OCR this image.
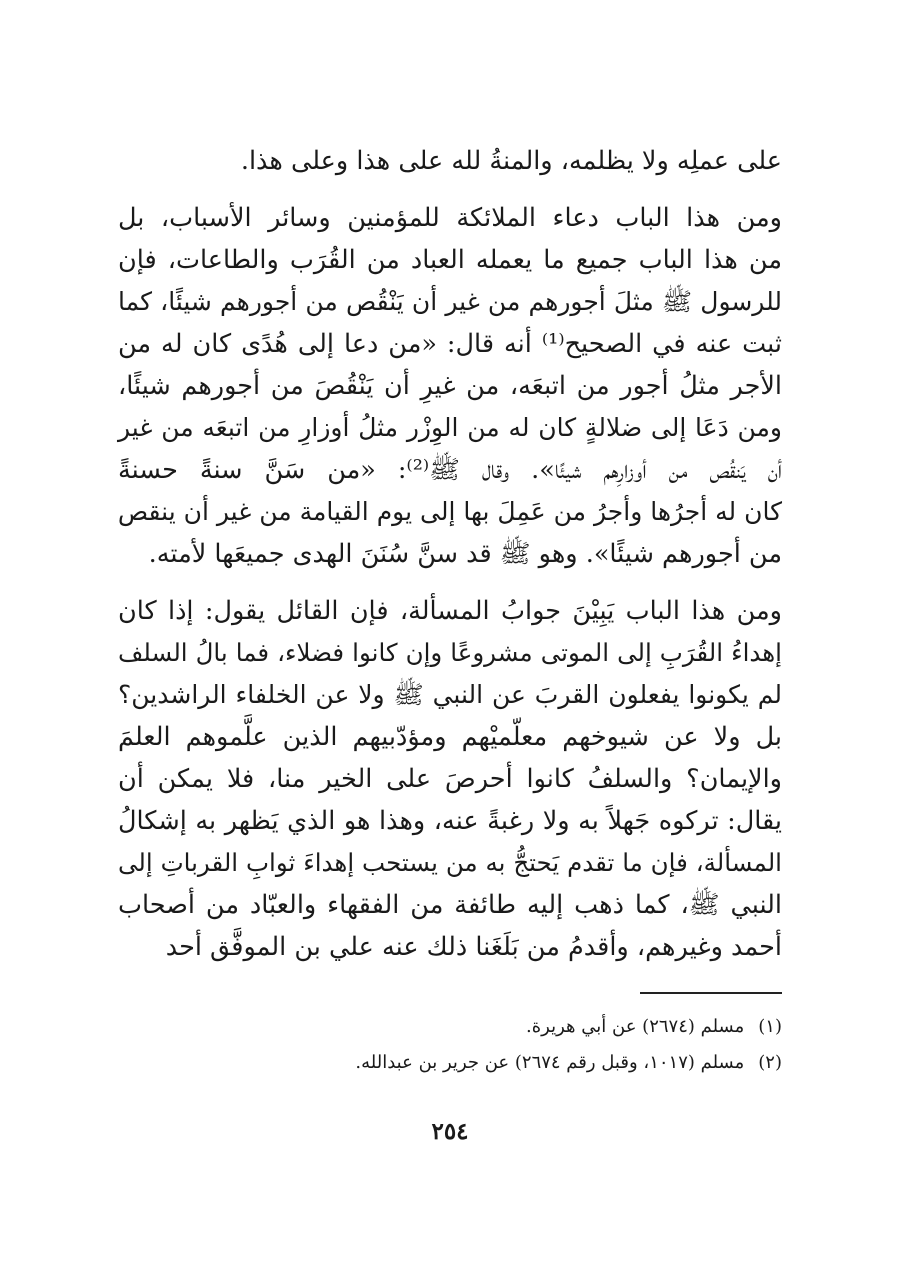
على عملِه ولا يظلمه، والمنةُ لله على هذا وعلى هذا.
ومن هذا الباب دعاء الملائكة للمؤمنين وسائر الأسباب، بل
من هذا الباب جميع ما يعمله العباد من القُرَب والطاعات، فإن
للرسول ﷺ مثلَ أجورهم من غير أن يَنْقُص من أجورهم شيئًا، كما
ثبت عنه في الصحيح⁽¹⁾ أنه قال: «من دعا إلى هُدًى كان له من
الأجر مثلُ أجور من اتبعَه، من غيرِ أن يَنْقُصَ من أجورهم شيئًا،
ومن دَعَا إلى ضلالةٍ كان له من الوِزْر مثلُ أوزارِ من اتبعَه من غير
أن يَنقُص من أوزارِهم شيئًا». وقال ﷺ⁽²⁾: «من سَنَّ سنةً حسنةً
كان له أجرُها وأجرُ من عَمِلَ بها إلى يوم القيامة من غير أن ينقص
من أجورهم شيئًا». وهو ﷺ قد سنَّ سُنَنَ الهدى جميعَها لأمته.
ومن هذا الباب يَبِيْنَ جوابُ المسألة، فإن القائل يقول: إذا كان
إهداءُ القُرَبِ إلى الموتى مشروعًا وإن كانوا فضلاء، فما بالُ السلف
لم يكونوا يفعلون القربَ عن النبي ﷺ ولا عن الخلفاء الراشدين؟
بل ولا عن شيوخهم معلّميْهم ومؤدّبيهم الذين علَّموهم العلمَ
والإيمان؟ والسلفُ كانوا أحرصَ على الخير منا، فلا يمكن أن
يقال: تركوه جَهلاً به ولا رغبةً عنه، وهذا هو الذي يَظهر به إشكالُ
المسألة، فإن ما تقدم يَحتجُّ به من يستحب إهداءَ ثوابِ القرباتِ إلى
النبي ﷺ، كما ذهب إليه طائفة من الفقهاء والعبّاد من أصحاب
أحمد وغيرهم، وأقدمُ من بَلَغَنا ذلك عنه علي بن الموفَّق أحد
(١)مسلم (٢٦٧٤) عن أبي هريرة.
(٢)مسلم (١٠١٧، وقبل رقم ٢٦٧٤) عن جرير بن عبدالله.
٢٥٤
